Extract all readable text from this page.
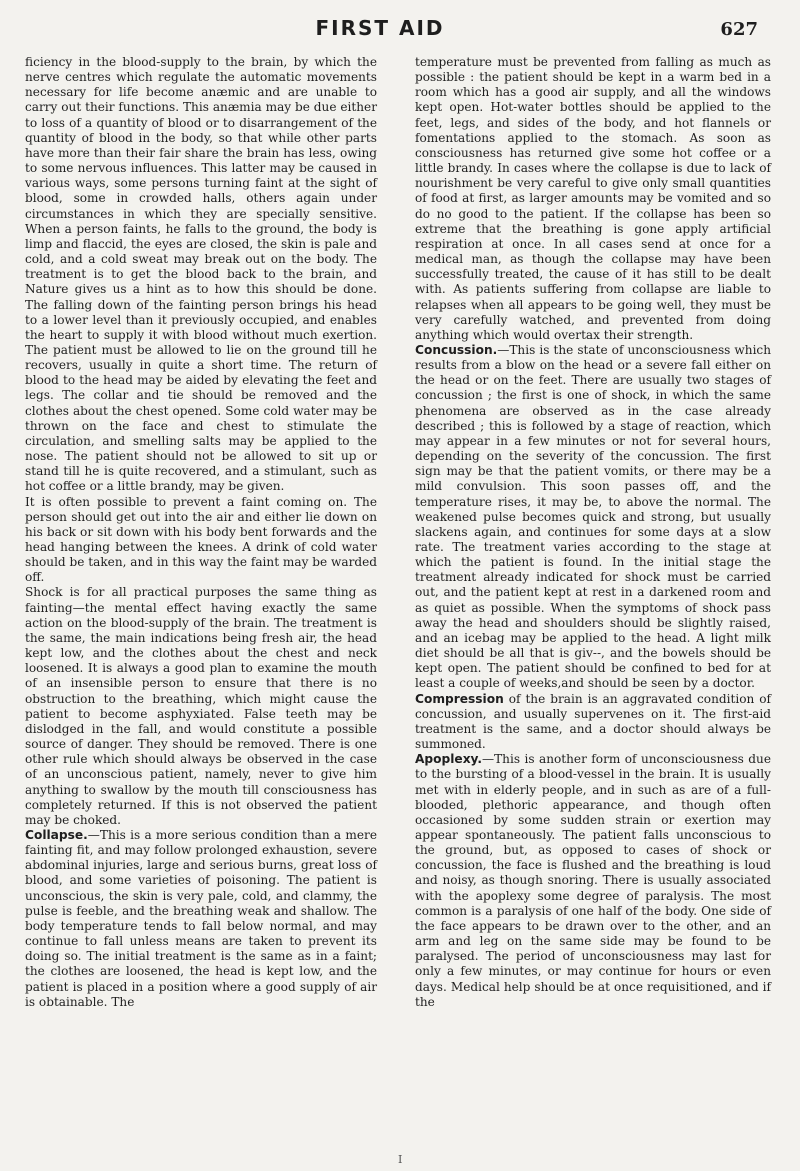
FIRST AID	627

ficiency in the blood-supply to the brain, by which the nerve centres which regulate the automatic movements necessary for life become anæmic and are unable to carry out their functions. This anæmia may be due either to loss of a quantity of blood or to disarrangement of the quantity of blood in the body, so that while other parts have more than their fair share the brain has less, owing to some nervous influences. This latter may be caused in various ways, some persons turning faint at the sight of blood, some in crowded halls, others again under circumstances in which they are specially sensitive. When a person faints, he falls to the ground, the body is limp and flaccid, the eyes are closed, the skin is pale and cold, and a cold sweat may break out on the body. The treatment is to get the blood back to the brain, and Nature gives us a hint as to how this should be done. The falling down of the fainting person brings his head to a lower level than it previously occupied, and enables the heart to supply it with blood without much exertion. The patient must be allowed to lie on the ground till he recovers, usually in quite a short time. The return of blood to the head may be aided by elevating the feet and legs. The collar and tie should be removed and the clothes about the chest opened. Some cold water may be thrown on the face and chest to stimulate the circulation, and smelling salts may be applied to the nose. The patient should not be allowed to sit up or stand till he is quite recovered, and a stimulant, such as hot coffee or a little brandy, may be given.

It is often possible to prevent a faint coming on. The person should get out into the air and either lie down on his back or sit down with his body bent forwards and the head hanging between the knees. A drink of cold water should be taken, and in this way the faint may be warded off.

Shock is for all practical purposes the same thing as fainting—the mental effect having exactly the same action on the blood-supply of the brain. The treatment is the same, the main indications being fresh air, the head kept low, and the clothes about the chest and neck loosened. It is always a good plan to examine the mouth of an insensible person to ensure that there is no obstruction to the breathing, which might cause the patient to become asphyxiated. False teeth may be dislodged in the fall, and would constitute a possible source of danger. They should be removed. There is one other rule which should always be observed in the case of an unconscious patient, namely, never to give him anything to swallow by the mouth till consciousness has completely returned. If this is not observed the patient may be choked.

Collapse.—This is a more serious condition than a mere fainting fit, and may follow prolonged exhaustion, severe abdominal injuries, large and serious burns, great loss of blood, and some varieties of poisoning. The patient is unconscious, the skin is very pale, cold, and clammy, the pulse is feeble, and the breathing weak and shallow. The body temperature tends to fall below normal, and may continue to fall unless means are taken to prevent its doing so. The initial treatment is the same as in a faint; the clothes are loosened, the head is kept low, and the patient is placed in a position where a good supply of air is obtainable. The

temperature must be prevented from falling as much as possible : the patient should be kept in a warm bed in a room which has a good air supply, and all the windows kept open. Hot-water bottles should be applied to the feet, legs, and sides of the body, and hot flannels or fomentations applied to the stomach. As soon as consciousness has returned give some hot coffee or a little brandy. In cases where the collapse is due to lack of nourishment be very careful to give only small quantities of food at first, as larger amounts may be vomited and so do no good to the patient. If the collapse has been so extreme that the breathing is gone apply artificial respiration at once. In all cases send at once for a medical man, as though the collapse may have been successfully treated, the cause of it has still to be dealt with. As patients suffering from collapse are liable to relapses when all appears to be going well, they must be very carefully watched, and prevented from doing anything which would overtax their strength.

Concussion.—This is the state of unconsciousness which results from a blow on the head or a severe fall either on the head or on the feet. There are usually two stages of concussion ; the first is one of shock, in which the same phenomena are observed as in the case already described ; this is followed by a stage of reaction, which may appear in a few minutes or not for several hours, depending on the severity of the concussion. The first sign may be that the patient vomits, or there may be a mild convulsion. This soon passes off, and the temperature rises, it may be, to above the normal. The weakened pulse becomes quick and strong, but usually slackens again, and continues for some days at a slow rate. The treatment varies according to the stage at which the patient is found. In the initial stage the treatment already indicated for shock must be carried out, and the patient kept at rest in a darkened room and as quiet as possible. When the symptoms of shock pass away the head and shoulders should be slightly raised, and an icebag may be applied to the head. A light milk diet should be all that is giv--, and the bowels should be kept open. The patient should be confined to bed for at least a couple of weeks,and should be seen by a doctor.

Compression of the brain is an aggravated condition of concussion, and usually supervenes on it. The first-aid treatment is the same, and a doctor should always be summoned.

Apoplexy.—This is another form of unconsciousness due to the bursting of a blood-vessel in the brain. It is usually met with in elderly people, and in such as are of a full-blooded, plethoric appearance, and though often occasioned by some sudden strain or exertion may appear spontaneously. The patient falls unconscious to the ground, but, as opposed to cases of shock or concussion, the face is flushed and the breathing is loud and noisy, as though snoring. There is usually associated with the apoplexy some degree of paralysis. The most common is a paralysis of one half of the body. One side of the face appears to be drawn over to the other, and an arm and leg on the same side may be found to be paralysed. The period of unconsciousness may last for only a few minutes, or may continue for hours or even days. Medical help should be at once requisitioned, and if the

I
